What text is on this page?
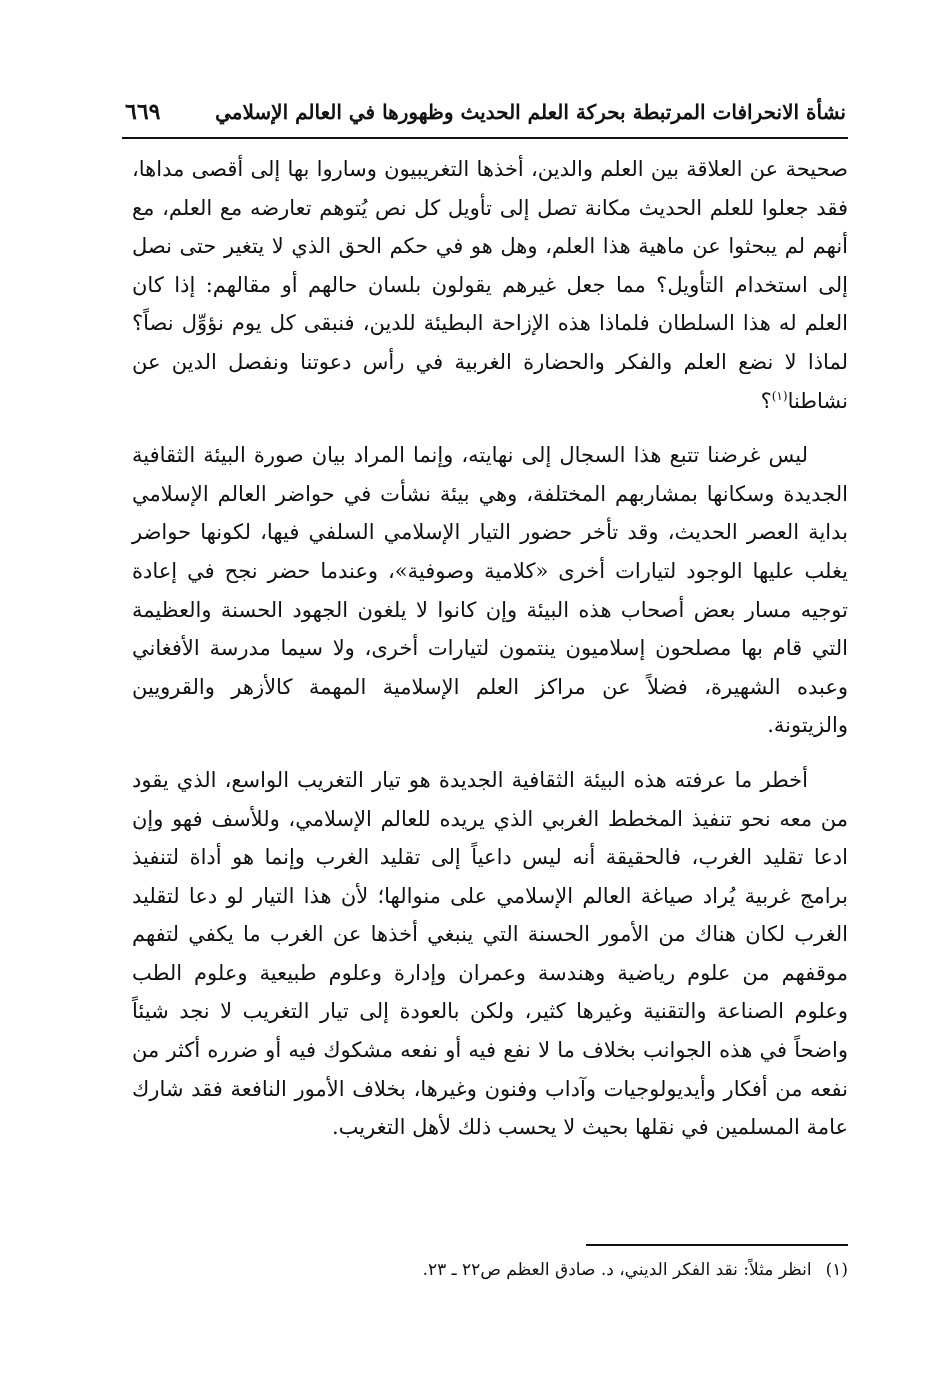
نشأة الانحرافات المرتبطة بحركة العلم الحديث وظهورها في العالم الإسلامي
٦٦٩

صحيحة عن العلاقة بين العلم والدين، أخذها التغريبيون وساروا بها إلى أقصى مداها، فقد جعلوا للعلم الحديث مكانة تصل إلى تأويل كل نص يُتوهم تعارضه مع العلم، مع أنهم لم يبحثوا عن ماهية هذا العلم، وهل هو في حكم الحق الذي لا يتغير حتى نصل إلى استخدام التأويل؟ مما جعل غيرهم يقولون بلسان حالهم أو مقالهم: إذا كان العلم له هذا السلطان فلماذا هذه الإزاحة البطيئة للدين، فنبقى كل يوم نؤوِّل نصاً؟ لماذا لا نضع العلم والفكر والحضارة الغربية في رأس دعوتنا ونفصل الدين عن نشاطنا$^{(١)}$؟

ليس غرضنا تتبع هذا السجال إلى نهايته، وإنما المراد بيان صورة البيئة الثقافية الجديدة وسكانها بمشاربهم المختلفة، وهي بيئة نشأت في حواضر العالم الإسلامي بداية العصر الحديث، وقد تأخر حضور التيار الإسلامي السلفي فيها، لكونها حواضر يغلب عليها الوجود لتيارات أخرى «كلامية وصوفية»، وعندما حضر نجح في إعادة توجيه مسار بعض أصحاب هذه البيئة وإن كانوا لا يلغون الجهود الحسنة والعظيمة التي قام بها مصلحون إسلاميون ينتمون لتيارات أخرى، ولا سيما مدرسة الأفغاني وعبده الشهيرة، فضلاً عن مراكز العلم الإسلامية المهمة كالأزهر والقرويين والزيتونة.

أخطر ما عرفته هذه البيئة الثقافية الجديدة هو تيار التغريب الواسع، الذي يقود من معه نحو تنفيذ المخطط الغربي الذي يريده للعالم الإسلامي، وللأسف فهو وإن ادعا تقليد الغرب، فالحقيقة أنه ليس داعياً إلى تقليد الغرب وإنما هو أداة لتنفيذ برامج غربية يُراد صياغة العالم الإسلامي على منوالها؛ لأن هذا التيار لو دعا لتقليد الغرب لكان هناك من الأمور الحسنة التي ينبغي أخذها عن الغرب ما يكفي لتفهم موقفهم من علوم رياضية وهندسة وعمران وإدارة وعلوم طبيعية وعلوم الطب وعلوم الصناعة والتقنية وغيرها كثير، ولكن بالعودة إلى تيار التغريب لا نجد شيئاً واضحاً في هذه الجوانب بخلاف ما لا نفع فيه أو نفعه مشكوك فيه أو ضرره أكثر من نفعه من أفكار وأيديولوجيات وآداب وفنون وغيرها، بخلاف الأمور النافعة فقد شارك عامة المسلمين في نقلها بحيث لا يحسب ذلك لأهل التغريب.

(١)انظر مثلاً: نقد الفكر الديني، د. صادق العظم ص٢٢ ـ ٢٣.
